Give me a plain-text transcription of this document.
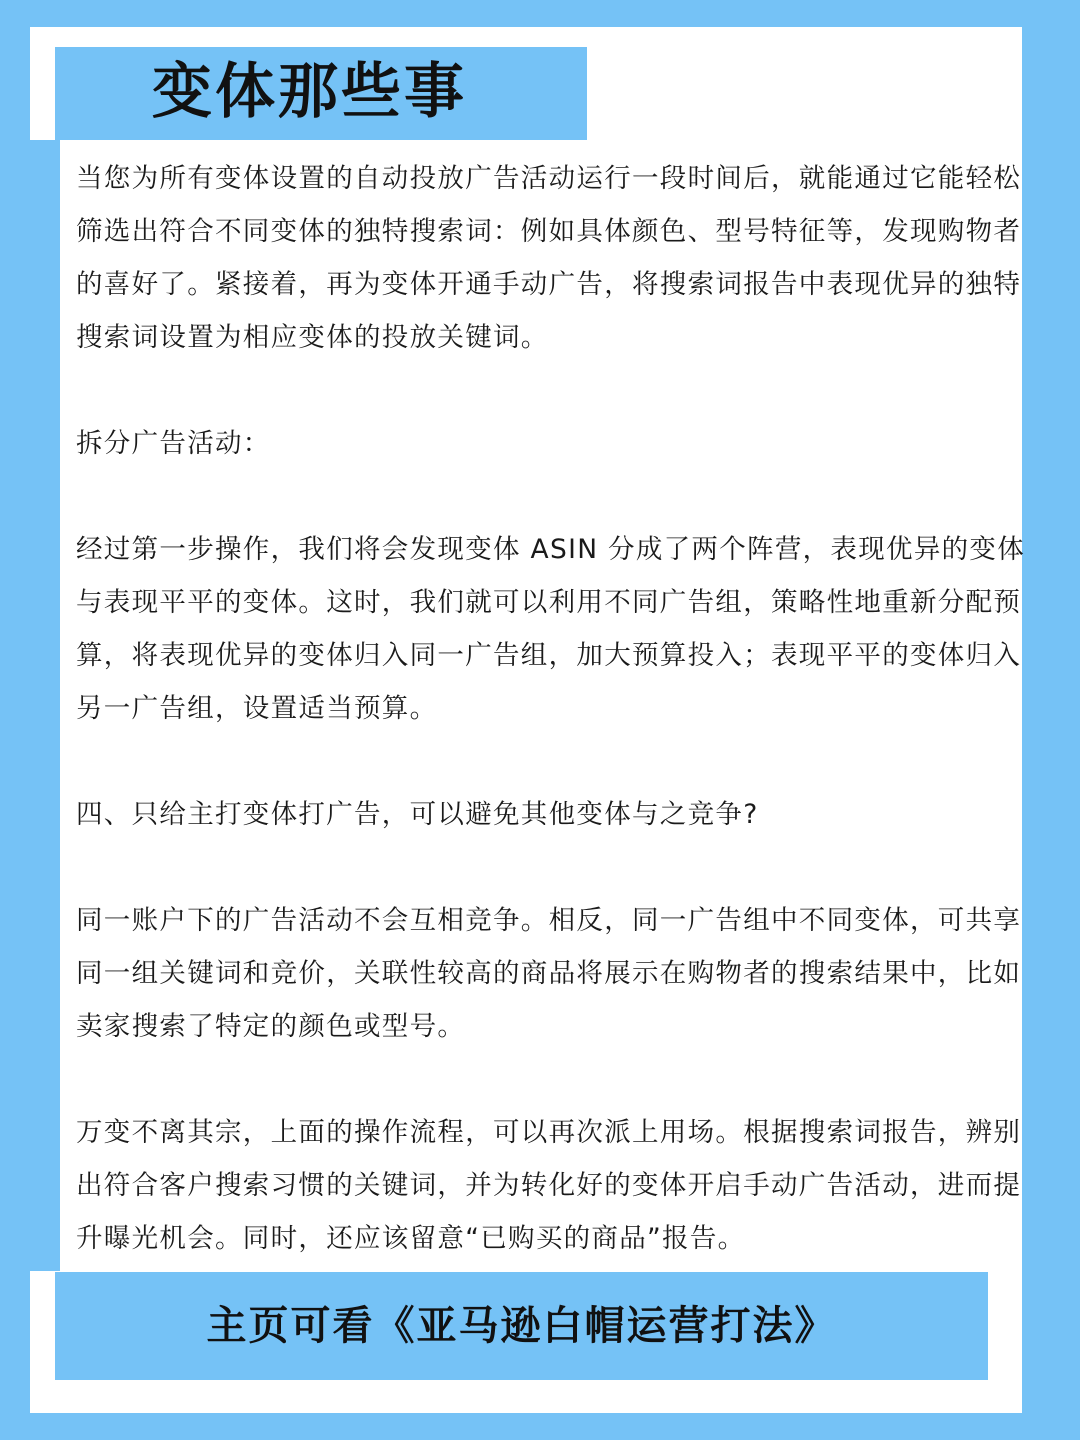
变体那些事

当您为所有变体设置的自动投放广告活动运行一段时间后，就能通过它能轻松筛选出符合不同变体的独特搜索词：例如具体颜色、型号特征等，发现购物者的喜好了。紧接着，再为变体开通手动广告，将搜索词报告中表现优异的独特搜索词设置为相应变体的投放关键词。

拆分广告活动：

经过第一步操作，我们将会发现变体 ASIN 分成了两个阵营，表现优异的变体与表现平平的变体。这时，我们就可以利用不同广告组，策略性地重新分配预算，将表现优异的变体归入同一广告组，加大预算投入；表现平平的变体归入另一广告组，设置适当预算。

四、只给主打变体打广告，可以避免其他变体与之竞争?

同一账户下的广告活动不会互相竞争。相反，同一广告组中不同变体，可共享同一组关键词和竞价，关联性较高的商品将展示在购物者的搜索结果中，比如卖家搜索了特定的颜色或型号。

万变不离其宗，上面的操作流程，可以再次派上用场。根据搜索词报告，辨别出符合客户搜索习惯的关键词，并为转化好的变体开启手动广告活动，进而提升曝光机会。同时，还应该留意“已购买的商品”报告。

主页可看《亚马逊白帽运营打法》
